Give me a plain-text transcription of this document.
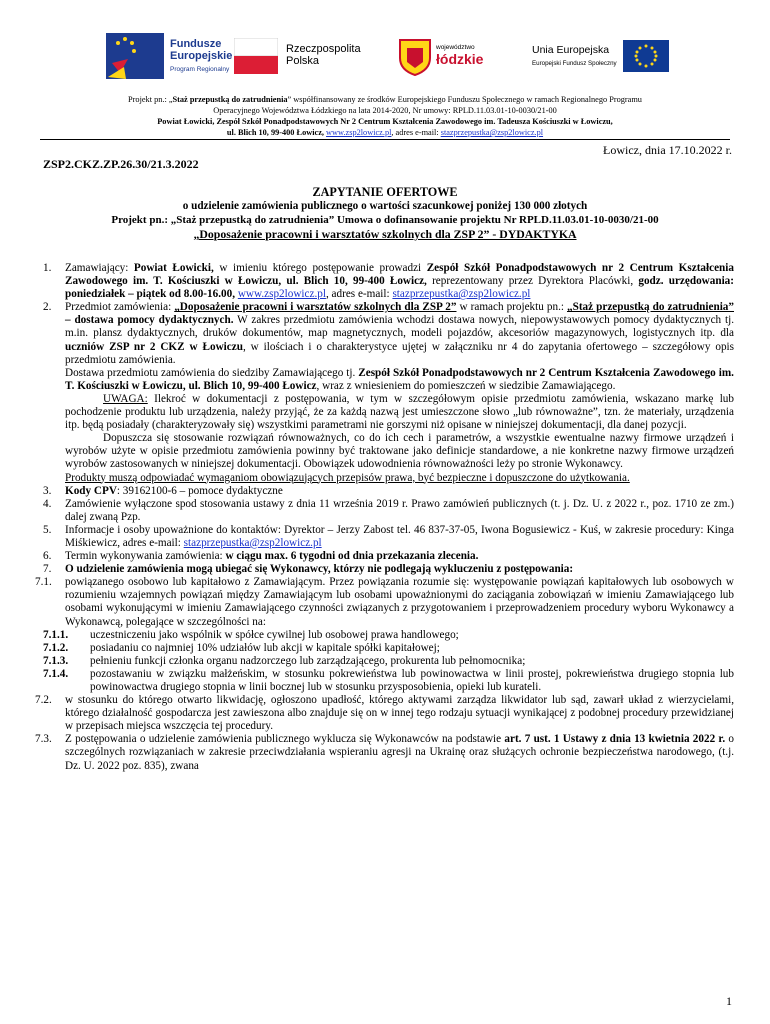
Fundusze
Europejskie
Program Regionalny
Rzeczpospolita
Polska
województwo
łódzkie
Unia Europejska
Europejski Fundusz Społeczny
Projekt pn.: „Staż przepustką do zatrudnienia” współfinansowany ze środków Europejskiego Funduszu Społecznego w ramach Regionalnego Programu
Operacyjnego Województwa Łódzkiego na lata 2014-2020, Nr umowy: RPLD.11.03.01-10-0030/21-00
Powiat Łowicki, Zespół Szkół Ponadpodstawowych Nr 2 Centrum Kształcenia Zawodowego im. Tadeusza Kościuszki w Łowiczu,
ul. Blich 10, 99-400 Łowicz, www.zsp2lowicz.pl, adres e-mail: stazprzepustka@zsp2lowicz.pl
Łowicz, dnia 17.10.2022 r.
ZSP2.CKZ.ZP.26.30/21.3.2022
ZAPYTANIE OFERTOWE
o udzielenie zamówienia publicznego o wartości szacunkowej poniżej 130 000 złotych
Projekt pn.: „Staż przepustką do zatrudnienia” Umowa o dofinansowanie projektu Nr RPLD.11.03.01-10-0030/21-00
„Doposażenie pracowni i warsztatów szkolnych dla ZSP 2” - DYDAKTYKA
1.	Zamawiający: Powiat Łowicki, w imieniu którego postępowanie prowadzi Zespół Szkół Ponadpodstawowych nr 2 Centrum Kształcenia Zawodowego im. T. Kościuszki w Łowiczu, ul. Blich 10, 99-400 Łowicz, reprezentowany przez Dyrektora Placówki, godz. urzędowania: poniedziałek – piątek od 8.00-16.00, www.zsp2lowicz.pl, adres e-mail: stazprzepustka@zsp2lowicz.pl
2.	Przedmiot zamówienia: „Doposażenie pracowni i warsztatów szkolnych dla ZSP 2” w ramach projektu pn.: „Staż przepustką do zatrudnienia” – dostawa pomocy dydaktycznych. W zakres przedmiotu zamówienia wchodzi dostawa nowych, niepowystawowych pomocy dydaktycznych tj. m.in. plansz dydaktycznych, druków dokumentów, map magnetycznych, modeli pojazdów, akcesoriów magazynowych, logistycznych itp. dla uczniów ZSP nr 2 CKZ w Łowiczu, w ilościach i o charakterystyce ujętej w załączniku nr 4 do zapytania ofertowego – szczegółowy opis przedmiotu zamówienia.

Dostawa przedmiotu zamówienia do siedziby Zamawiającego tj. Zespół Szkół Ponadpodstawowych nr 2 Centrum Kształcenia Zawodowego im. T. Kościuszki w Łowiczu, ul. Blich 10, 99-400 Łowicz, wraz z wniesieniem do pomieszczeń w siedzibie Zamawiającego.

UWAGA: Ilekroć w dokumentacji z postępowania, w tym w szczegółowym opisie przedmiotu zamówienia, wskazano markę lub pochodzenie produktu lub urządzenia, należy przyjąć, że za każdą nazwą jest umieszczone słowo „lub równoważne”, tzn. że materiały, urządzenia itp. będą posiadały (charakteryzowały się) wszystkimi parametrami nie gorszymi niż opisane w niniejszej dokumentacji, dla danej pozycji.

Dopuszcza się stosowanie rozwiązań równoważnych, co do ich cech i parametrów, a wszystkie ewentualne nazwy firmowe urządzeń i wyrobów użyte w opisie przedmiotu zamówienia powinny być traktowane jako definicje standardowe, a nie konkretne nazwy firmowe urządzeń wyrobów zastosowanych w niniejszej dokumentacji. Obowiązek udowodnienia równoważności leży po stronie Wykonawcy.

Produkty muszą odpowiadać wymaganiom obowiązujących przepisów prawa, być bezpieczne i dopuszczone do użytkowania.

3.	Kody CPV: 39162100-6 – pomoce dydaktyczne
4.	Zamówienie wyłączone spod stosowania ustawy z dnia 11 września 2019 r. Prawo zamówień publicznych (t. j. Dz. U. z 2022 r., poz. 1710 ze zm.) dalej zwaną Pzp.
5.	Informacje i osoby upoważnione do kontaktów: Dyrektor – Jerzy Zabost tel. 46 837-37-05, Iwona Bogusiewicz - Kuś, w zakresie procedury: Kinga Miśkiewicz, adres e-mail: stazprzepustka@zsp2lowicz.pl
6.	Termin wykonywania zamówienia: w ciągu max. 6 tygodni od dnia przekazania zlecenia.
7.	O udzielenie zamówienia mogą ubiegać się Wykonawcy, którzy nie podlegają wykluczeniu z postępowania:
7.1.	powiązanego osobowo lub kapitałowo z Zamawiającym. Przez powiązania rozumie się: występowanie powiązań kapitałowych lub osobowych w rozumieniu wzajemnych powiązań między Zamawiającym lub osobami upoważnionymi do zaciągania zobowiązań w imieniu Zamawiającego lub osobami wykonującymi w imieniu Zamawiającego czynności związanych z przygotowaniem i przeprowadzeniem procedury wyboru Wykonawcy a Wykonawcą, polegające w szczególności na:
7.1.1.	uczestniczeniu jako wspólnik w spółce cywilnej lub osobowej prawa handlowego;
7.1.2.	posiadaniu co najmniej 10% udziałów lub akcji w kapitale spółki kapitałowej;
7.1.3.	pełnieniu funkcji członka organu nadzorczego lub zarządzającego, prokurenta lub pełnomocnika;
7.1.4.	pozostawaniu w związku małżeńskim, w stosunku pokrewieństwa lub powinowactwa w linii prostej, pokrewieństwa drugiego stopnia lub powinowactwa drugiego stopnia w linii bocznej lub w stosunku przysposobienia, opieki lub kurateli.
7.2.	w stosunku do którego otwarto likwidację, ogłoszono upadłość, którego aktywami zarządza likwidator lub sąd, zawarł układ z wierzycielami, którego działalność gospodarcza jest zawieszona albo znajduje się on w innej tego rodzaju sytuacji wynikającej z podobnej procedury przewidzianej w przepisach miejsca wszczęcia tej procedury.
7.3.	Z postępowania o udzielenie zamówienia publicznego wyklucza się Wykonawców na podstawie art. 7 ust. 1 Ustawy z dnia 13 kwietnia 2022 r. o szczególnych rozwiązaniach w zakresie przeciwdziałania wspieraniu agresji na Ukrainę oraz służących ochronie bezpieczeństwa narodowego, (t.j. Dz. U. 2022 poz. 835), zwana
1
